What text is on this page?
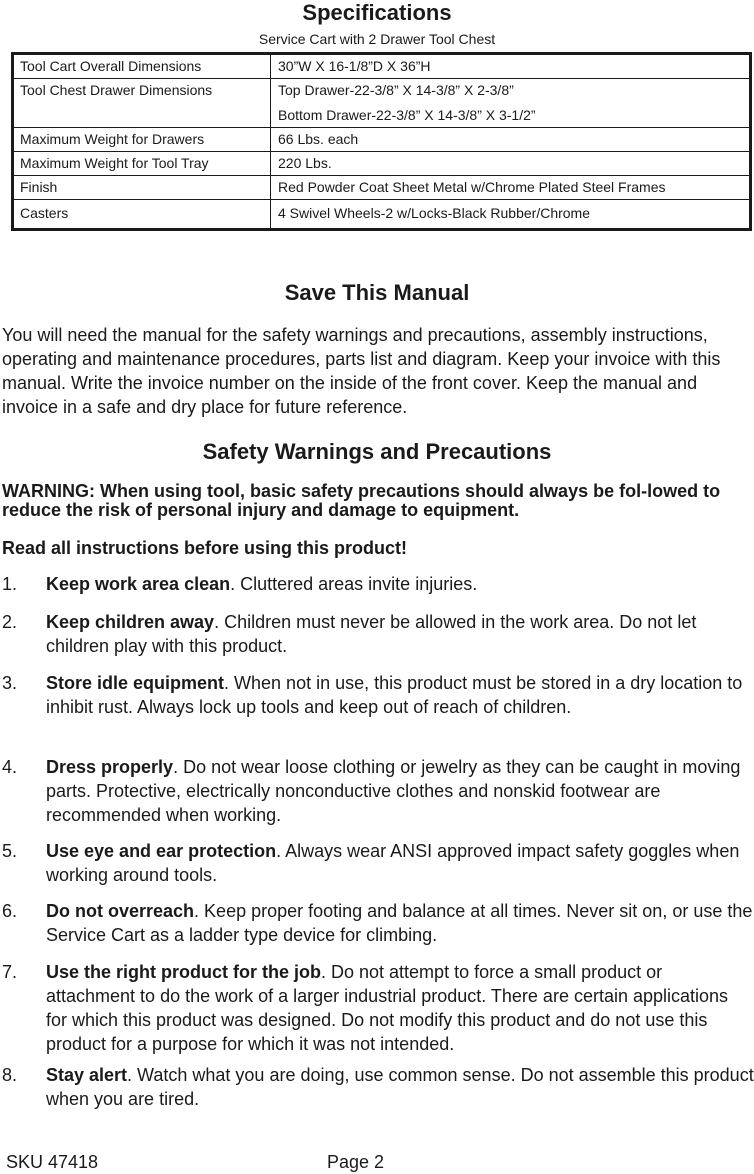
Specifications
Service Cart with 2 Drawer Tool Chest
Tool Cart Overall Dimensions	30”W X 16-1/8”D X 36”H
Tool Chest Drawer Dimensions	Top Drawer-22-3/8” X 14-3/8” X 2-3/8”
Bottom Drawer-22-3/8” X 14-3/8” X 3-1/2”

Maximum Weight for Drawers	66 Lbs. each
Maximum Weight for Tool Tray	220 Lbs.
Finish	Red Powder Coat Sheet Metal w/Chrome Plated Steel Frames
Casters	4 Swivel Wheels-2 w/Locks-Black Rubber/Chrome
Save This Manual
You will need the manual for the safety warnings and precautions, assembly instructions, operating and maintenance procedures, parts list and diagram. Keep your invoice with this manual. Write the invoice number on the inside of the front cover. Keep the manual and invoice in a safe and dry place for future reference.
Safety Warnings and Precautions
WARNING: When using tool, basic safety precautions should always be fol-lowed to reduce the risk of personal injury and damage to equipment.
Read all instructions before using this product!
1. Keep work area clean. Cluttered areas invite injuries.
2. Keep children away. Children must never be allowed in the work area. Do not let children play with this product.
3. Store idle equipment. When not in use, this product must be stored in a dry location to inhibit rust. Always lock up tools and keep out of reach of children.
4. Dress properly. Do not wear loose clothing or jewelry as they can be caught in moving parts. Protective, electrically nonconductive clothes and nonskid footwear are recommended when working.
5. Use eye and ear protection. Always wear ANSI approved impact safety goggles when working around tools.
6. Do not overreach. Keep proper footing and balance at all times. Never sit on, or use the Service Cart as a ladder type device for climbing.
7. Use the right product for the job. Do not attempt to force a small product or attachment to do the work of a larger industrial product. There are certain applications for which this product was designed. Do not modify this product and do not use this product for a purpose for which it was not intended.
8. Stay alert. Watch what you are doing, use common sense. Do not assemble this product when you are tired.
SKU 47418	Page 2
